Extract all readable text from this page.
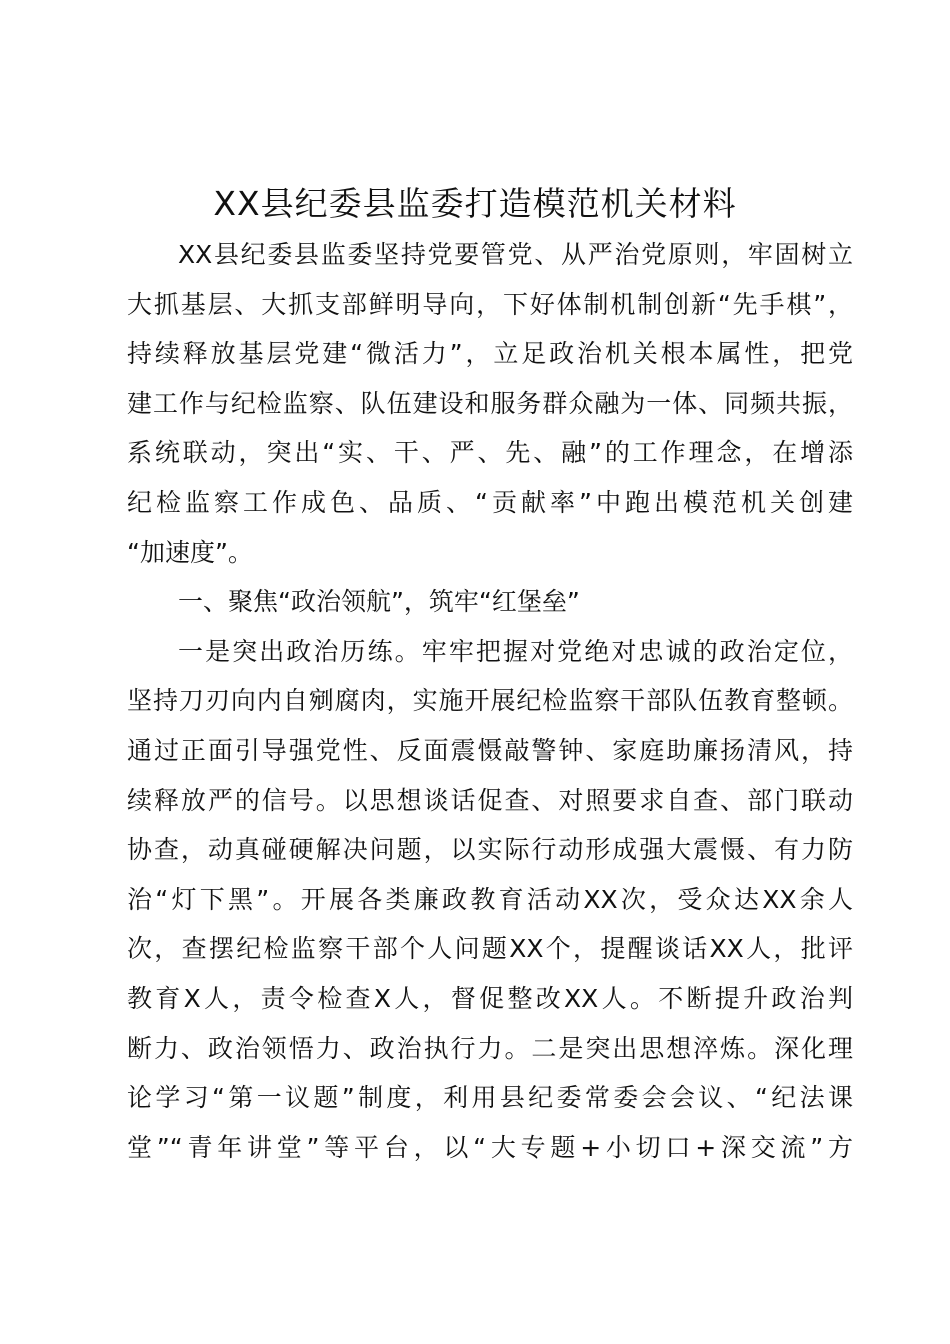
XX县纪委县监委打造模范机关材料
XX县纪委县监委坚持党要管党、从严治党原则，牢固树立
大抓基层、大抓支部鲜明导向，下好体制机制创新“先手棋”，
持续释放基层党建“微活力”，立足政治机关根本属性，把党
建工作与纪检监察、队伍建设和服务群众融为一体、同频共振，
系统联动，突出“实、干、严、先、融”的工作理念，在增添
纪检监察工作成色、品质、“贡献率”中跑出模范机关创建
“加速度”。
一、聚焦“政治领航”，筑牢“红堡垒”
一是突出政治历练。牢牢把握对党绝对忠诚的政治定位，
坚持刀刃向内自剜腐肉，实施开展纪检监察干部队伍教育整顿。
通过正面引导强党性、反面震慑敲警钟、家庭助廉扬清风，持
续释放严的信号。以思想谈话促查、对照要求自查、部门联动
协查，动真碰硬解决问题，以实际行动形成强大震慑、有力防
治“灯下黑”。开展各类廉政教育活动XX次，受众达XX余人
次，查摆纪检监察干部个人问题XX个，提醒谈话XX人，批评
教育X人，责令检查X人，督促整改XX人。不断提升政治判
断力、政治领悟力、政治执行力。二是突出思想淬炼。深化理
论学习“第一议题”制度，利用县纪委常委会会议、“纪法课
堂”“青年讲堂”等平台，以“大专题+小切口+深交流”方
